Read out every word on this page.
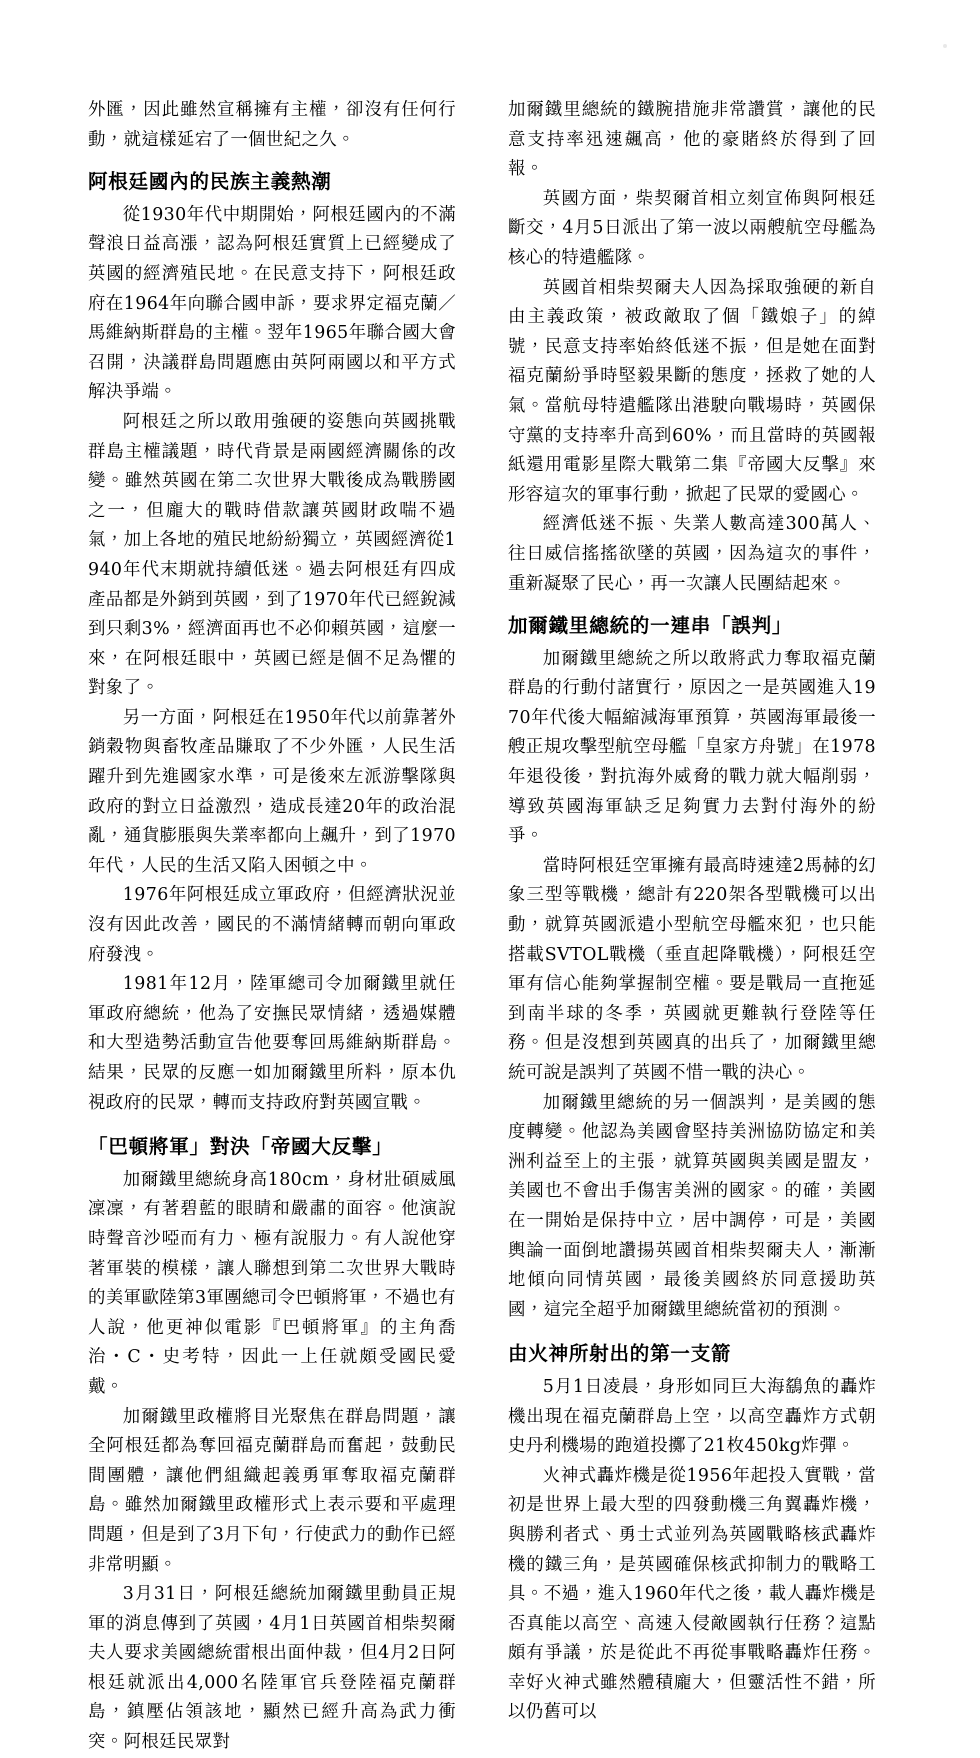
外匯，因此雖然宣稱擁有主權，卻沒有任何行動，就這樣延宕了一個世紀之久。

阿根廷國內的民族主義熱潮

從1930年代中期開始，阿根廷國內的不滿聲浪日益高漲，認為阿根廷實質上已經變成了英國的經濟殖民地。在民意支持下，阿根廷政府在1964年向聯合國申訴，要求界定福克蘭／馬維納斯群島的主權。翌年1965年聯合國大會召開，決議群島問題應由英阿兩國以和平方式解決爭端。

阿根廷之所以敢用強硬的姿態向英國挑戰群島主權議題，時代背景是兩國經濟關係的改變。雖然英國在第二次世界大戰後成為戰勝國之一，但龐大的戰時借款讓英國財政喘不過氣，加上各地的殖民地紛紛獨立，英國經濟從1940年代末期就持續低迷。過去阿根廷有四成產品都是外銷到英國，到了1970年代已經銳減到只剩3%，經濟面再也不必仰賴英國，這麼一來，在阿根廷眼中，英國已經是個不足為懼的對象了。

另一方面，阿根廷在1950年代以前靠著外銷穀物與畜牧產品賺取了不少外匯，人民生活躍升到先進國家水準，可是後來左派游擊隊與政府的對立日益激烈，造成長達20年的政治混亂，通貨膨脹與失業率都向上飆升，到了1970年代，人民的生活又陷入困頓之中。

1976年阿根廷成立軍政府，但經濟狀況並沒有因此改善，國民的不滿情緒轉而朝向軍政府發洩。

1981年12月，陸軍總司令加爾鐵里就任軍政府總統，他為了安撫民眾情緒，透過媒體和大型造勢活動宣告他要奪回馬維納斯群島。結果，民眾的反應一如加爾鐵里所料，原本仇視政府的民眾，轉而支持政府對英國宣戰。

「巴頓將軍」對決「帝國大反擊」

加爾鐵里總統身高180cm，身材壯碩威風凜凜，有著碧藍的眼睛和嚴肅的面容。他演說時聲音沙啞而有力、極有說服力。有人說他穿著軍裝的模樣，讓人聯想到第二次世界大戰時的美軍歐陸第3軍團總司令巴頓將軍，不過也有人說，他更神似電影『巴頓將軍』的主角喬治・C・史考特，因此一上任就頗受國民愛戴。

加爾鐵里政權將目光聚焦在群島問題，讓全阿根廷都為奪回福克蘭群島而奮起，鼓動民間團體，讓他們組織起義勇軍奪取福克蘭群島。雖然加爾鐵里政權形式上表示要和平處理問題，但是到了3月下旬，行使武力的動作已經非常明顯。

3月31日，阿根廷總統加爾鐵里動員正規軍的消息傳到了英國，4月1日英國首相柴契爾夫人要求美國總統雷根出面仲裁，但4月2日阿根廷就派出4,000名陸軍官兵登陸福克蘭群島，鎮壓佔領該地，顯然已經升高為武力衝突。阿根廷民眾對

加爾鐵里總統的鐵腕措施非常讚賞，讓他的民意支持率迅速飆高，他的豪賭終於得到了回報。

英國方面，柴契爾首相立刻宣佈與阿根廷斷交，4月5日派出了第一波以兩艘航空母艦為核心的特遣艦隊。

英國首相柴契爾夫人因為採取強硬的新自由主義政策，被政敵取了個「鐵娘子」的綽號，民意支持率始終低迷不振，但是她在面對福克蘭紛爭時堅毅果斷的態度，拯救了她的人氣。當航母特遣艦隊出港駛向戰場時，英國保守黨的支持率升高到60%，而且當時的英國報紙還用電影星際大戰第二集『帝國大反擊』來形容這次的軍事行動，掀起了民眾的愛國心。

經濟低迷不振、失業人數高達300萬人、往日威信搖搖欲墜的英國，因為這次的事件，重新凝聚了民心，再一次讓人民團結起來。

加爾鐵里總統的一連串「誤判」

加爾鐵里總統之所以敢將武力奪取福克蘭群島的行動付諸實行，原因之一是英國進入1970年代後大幅縮減海軍預算，英國海軍最後一艘正規攻擊型航空母艦「皇家方舟號」在1978年退役後，對抗海外威脅的戰力就大幅削弱，導致英國海軍缺乏足夠實力去對付海外的紛爭。

當時阿根廷空軍擁有最高時速達2馬赫的幻象三型等戰機，總計有220架各型戰機可以出動，就算英國派遣小型航空母艦來犯，也只能搭載SVTOL戰機（垂直起降戰機），阿根廷空軍有信心能夠掌握制空權。要是戰局一直拖延到南半球的冬季，英國就更難執行登陸等任務。但是沒想到英國真的出兵了，加爾鐵里總統可說是誤判了英國不惜一戰的決心。

加爾鐵里總統的另一個誤判，是美國的態度轉變。他認為美國會堅持美洲協防協定和美洲利益至上的主張，就算英國與美國是盟友，美國也不會出手傷害美洲的國家。的確，美國在一開始是保持中立，居中調停，可是，美國輿論一面倒地讚揚英國首相柴契爾夫人，漸漸地傾向同情英國，最後美國終於同意援助英國，這完全超乎加爾鐵里總統當初的預測。

由火神所射出的第一支箭

5月1日凌晨，身形如同巨大海鷂魚的轟炸機出現在福克蘭群島上空，以高空轟炸方式朝史丹利機場的跑道投擲了21枚450kg炸彈。

火神式轟炸機是從1956年起投入實戰，當初是世界上最大型的四發動機三角翼轟炸機，與勝利者式、勇士式並列為英國戰略核武轟炸機的鐵三角，是英國確保核武抑制力的戰略工具。不過，進入1960年代之後，載人轟炸機是否真能以高空、高速入侵敵國執行任務？這點頗有爭議，於是從此不再從事戰略轟炸任務。幸好火神式雖然體積龐大，但靈活性不錯，所以仍舊可以
